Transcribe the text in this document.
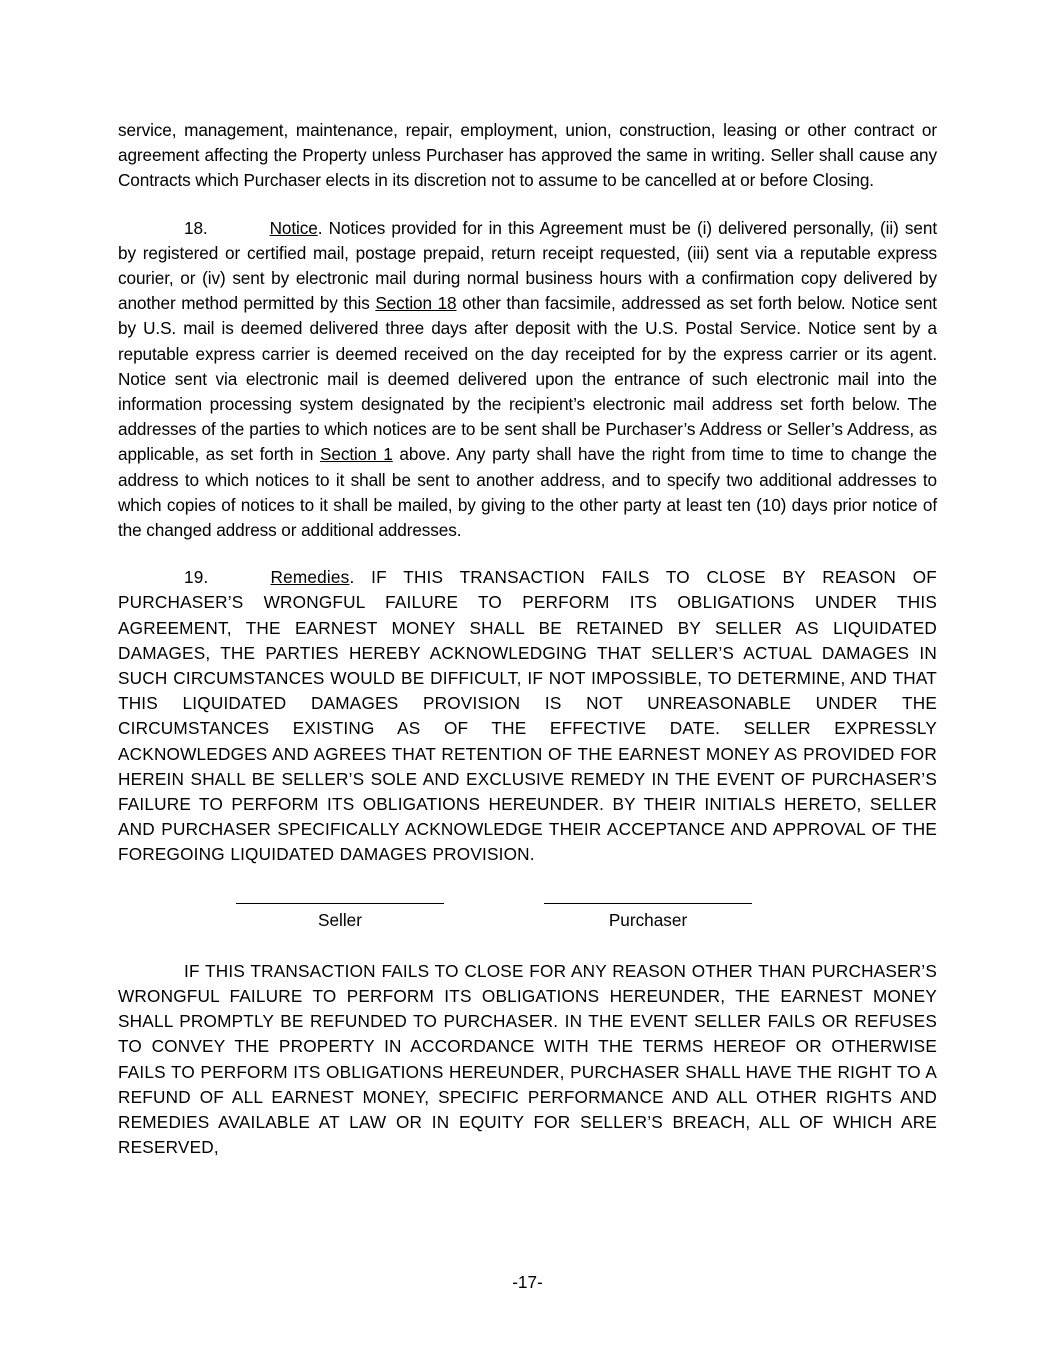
service, management, maintenance, repair, employment, union, construction, leasing or other contract or agreement affecting the Property unless Purchaser has approved the same in writing. Seller shall cause any Contracts which Purchaser elects in its discretion not to assume to be cancelled at or before Closing.

18.	Notice. Notices provided for in this Agreement must be (i) delivered personally, (ii) sent by registered or certified mail, postage prepaid, return receipt requested, (iii) sent via a reputable express courier, or (iv) sent by electronic mail during normal business hours with a confirmation copy delivered by another method permitted by this Section 18 other than facsimile, addressed as set forth below. Notice sent by U.S. mail is deemed delivered three days after deposit with the U.S. Postal Service. Notice sent by a reputable express carrier is deemed received on the day receipted for by the express carrier or its agent. Notice sent via electronic mail is deemed delivered upon the entrance of such electronic mail into the information processing system designated by the recipient’s electronic mail address set forth below. The addresses of the parties to which notices are to be sent shall be Purchaser’s Address or Seller’s Address, as applicable, as set forth in Section 1 above. Any party shall have the right from time to time to change the address to which notices to it shall be sent to another address, and to specify two additional addresses to which copies of notices to it shall be mailed, by giving to the other party at least ten (10) days prior notice of the changed address or additional addresses.

19.	Remedies. IF THIS TRANSACTION FAILS TO CLOSE BY REASON OF PURCHASER’S WRONGFUL FAILURE TO PERFORM ITS OBLIGATIONS UNDER THIS AGREEMENT, THE EARNEST MONEY SHALL BE RETAINED BY SELLER AS LIQUIDATED DAMAGES, THE PARTIES HEREBY ACKNOWLEDGING THAT SELLER’S ACTUAL DAMAGES IN SUCH CIRCUMSTANCES WOULD BE DIFFICULT, IF NOT IMPOSSIBLE, TO DETERMINE, AND THAT THIS LIQUIDATED DAMAGES PROVISION IS NOT UNREASONABLE UNDER THE CIRCUMSTANCES EXISTING AS OF THE EFFECTIVE DATE. SELLER EXPRESSLY ACKNOWLEDGES AND AGREES THAT RETENTION OF THE EARNEST MONEY AS PROVIDED FOR HEREIN SHALL BE SELLER’S SOLE AND EXCLUSIVE REMEDY IN THE EVENT OF PURCHASER’S FAILURE TO PERFORM ITS OBLIGATIONS HEREUNDER. BY THEIR INITIALS HERETO, SELLER AND PURCHASER SPECIFICALLY ACKNOWLEDGE THEIR ACCEPTANCE AND APPROVAL OF THE FOREGOING LIQUIDATED DAMAGES PROVISION.

Seller	Purchaser

IF THIS TRANSACTION FAILS TO CLOSE FOR ANY REASON OTHER THAN PURCHASER’S WRONGFUL FAILURE TO PERFORM ITS OBLIGATIONS HEREUNDER, THE EARNEST MONEY SHALL PROMPTLY BE REFUNDED TO PURCHASER. IN THE EVENT SELLER FAILS OR REFUSES TO CONVEY THE PROPERTY IN ACCORDANCE WITH THE TERMS HEREOF OR OTHERWISE FAILS TO PERFORM ITS OBLIGATIONS HEREUNDER, PURCHASER SHALL HAVE THE RIGHT TO A REFUND OF ALL EARNEST MONEY, SPECIFIC PERFORMANCE AND ALL OTHER RIGHTS AND REMEDIES AVAILABLE AT LAW OR IN EQUITY FOR SELLER’S BREACH, ALL OF WHICH ARE RESERVED,

-17-
